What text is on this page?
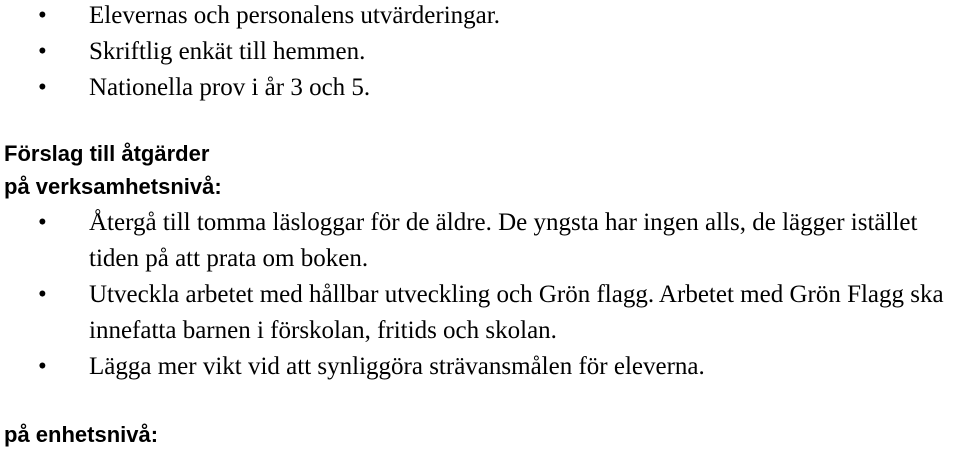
• Elevernas och personalens utvärderingar.
• Skriftlig enkät till hemmen.
• Nationella prov i år 3 och 5.
Förslag till åtgärder
på verksamhetsnivå:
• Återgå till tomma läsloggar för de äldre. De yngsta har ingen alls, de lägger istället tiden på att prata om boken.
• Utveckla arbetet med hållbar utveckling och Grön flagg. Arbetet med Grön Flagg ska innefatta barnen i förskolan, fritids och skolan.
• Lägga mer vikt vid att synliggöra strävansmålen för eleverna.
på enhetsnivå:
